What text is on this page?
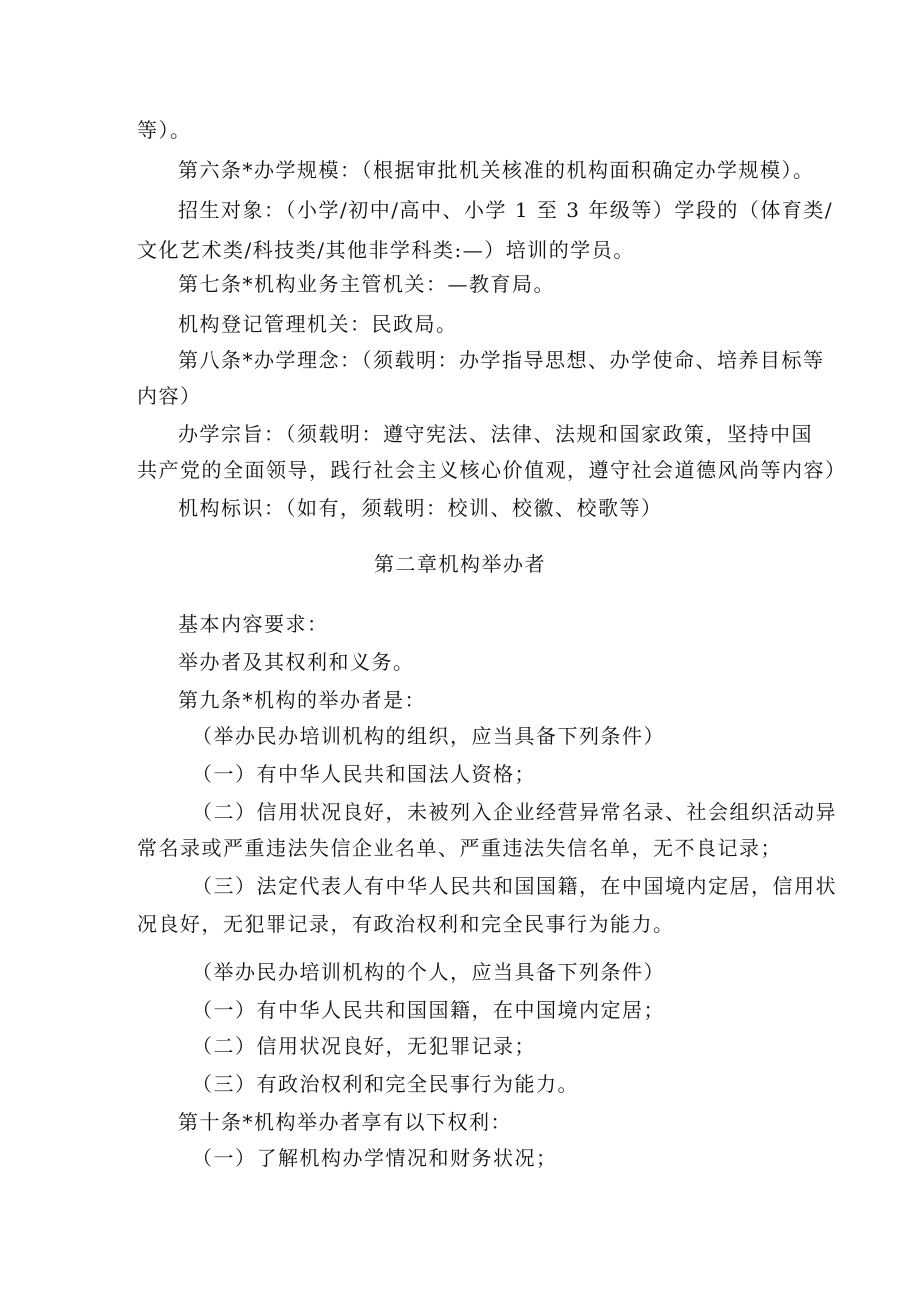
等）。
第六条*办学规模：（根据审批机关核准的机构面积确定办学规模）。
招生对象：（小学/初中/高中、小学 1 至 3 年级等）学段的（体育类/
文化艺术类/科技类/其他非学科类:—）培训的学员。
第七条*机构业务主管机关：—教育局。
机构登记管理机关：民政局。
第八条*办学理念：（须载明：办学指导思想、办学使命、培养目标等
内容）
办学宗旨：（须载明：遵守宪法、法律、法规和国家政策，坚持中国
共产党的全面领导，践行社会主义核心价值观，遵守社会道德风尚等内容）
机构标识：（如有，须载明：校训、校徽、校歌等）
第二章机构举办者
基本内容要求：
举办者及其权利和义务。
第九条*机构的举办者是：
（举办民办培训机构的组织，应当具备下列条件）
（一）有中华人民共和国法人资格；
（二）信用状况良好，未被列入企业经营异常名录、社会组织活动异
常名录或严重违法失信企业名单、严重违法失信名单，无不良记录；
（三）法定代表人有中华人民共和国国籍，在中国境内定居，信用状
况良好，无犯罪记录，有政治权利和完全民事行为能力。
（举办民办培训机构的个人，应当具备下列条件）
（一）有中华人民共和国国籍，在中国境内定居；
（二）信用状况良好，无犯罪记录；
（三）有政治权利和完全民事行为能力。
第十条*机构举办者享有以下权利：
（一）了解机构办学情况和财务状况；
